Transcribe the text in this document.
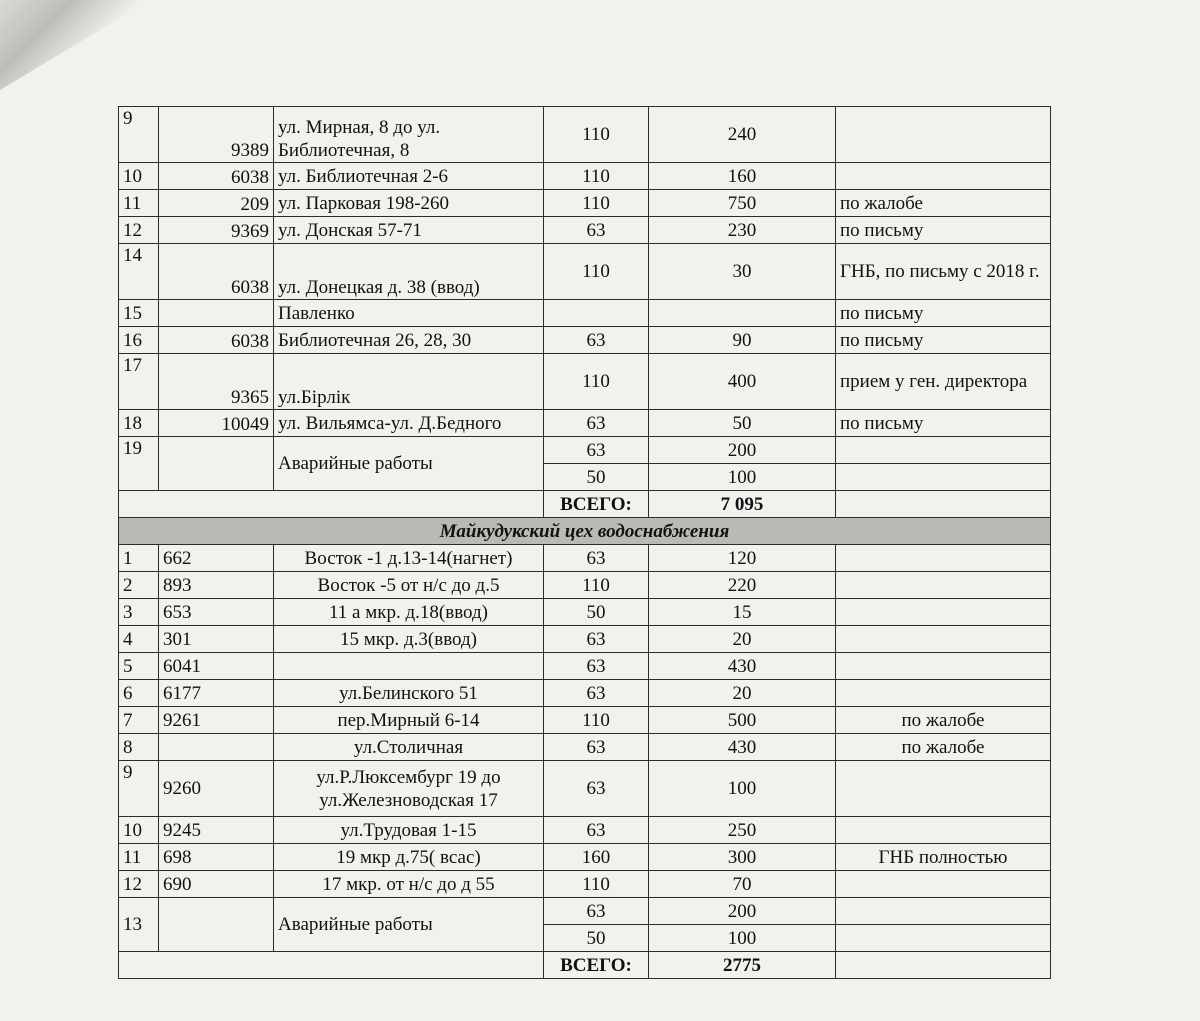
9	9389	ул. Мирная, 8 до ул. Библиотечная, 8	110	240	
10	6038	ул. Библиотечная 2-6	110	160	
11	209	ул. Парковая 198-260	110	750	по жалобе
12	9369	ул. Донская 57-71	63	230	по письму
14	6038	ул. Донецкая д. 38 (ввод)	110	30	ГНБ, по письму с 2018 г.
15		Павленко			по письму
16	6038	Библиотечная 26, 28, 30	63	90	по письму
17	9365	ул.Бірлік	110	400	прием у ген. директора
18	10049	ул. Вильямса-ул. Д.Бедного	63	50	по письму
19		Аварийные работы	63	200	
			50	100	
			ВСЕГО:	7 095	
Майкудукский цех водоснабжения					
1	662	Восток -1 д.13-14(нагнет)	63	120	
2	893	Восток -5 от н/с до д.5	110	220	
3	653	11 а мкр. д.18(ввод)	50	15	
4	301	15 мкр. д.3(ввод)	63	20	
5	6041		63	430	
6	6177	ул.Белинского 51	63	20	
7	9261	пер.Мирный 6-14	110	500	по жалобе
8		ул.Столичная	63	430	по жалобе
9	9260	ул.Р.Люксембург 19 до ул.Железноводская 17	63	100	
10	9245	ул.Трудовая 1-15	63	250	
11	698	19 мкр д.75( всас)	160	300	ГНБ полностью
12	690	17 мкр. от н/с до д 55	110	70	
13		Аварийные работы	63	200	
			50	100	
			ВСЕГО:	2775	
